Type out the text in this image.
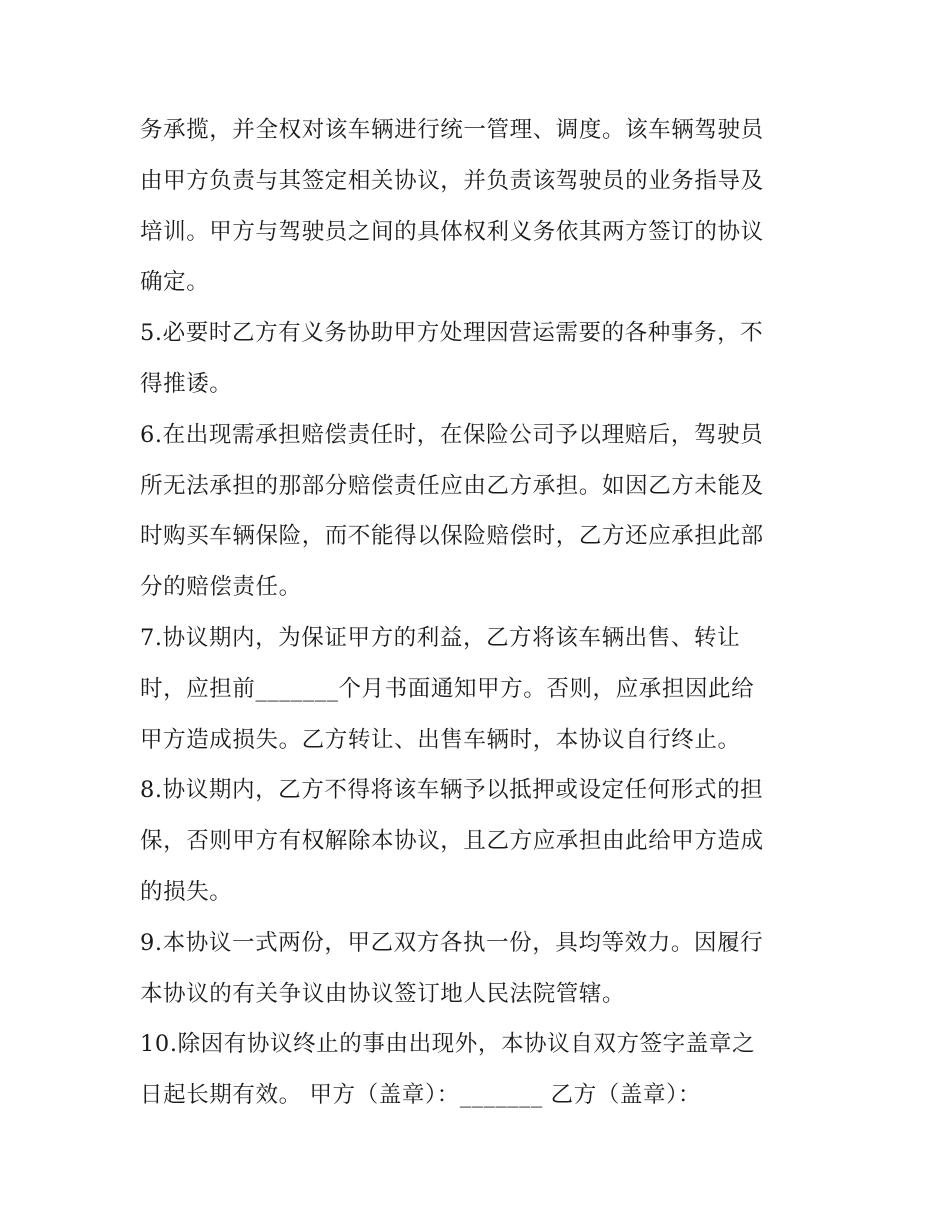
务承揽，并全权对该车辆进行统一管理、调度。该车辆驾驶员
由甲方负责与其签定相关协议，并负责该驾驶员的业务指导及
培训。甲方与驾驶员之间的具体权利义务依其两方签订的协议
确定。
5.必要时乙方有义务协助甲方处理因营运需要的各种事务，不
得推诿。
6.在出现需承担赔偿责任时，在保险公司予以理赔后，驾驶员
所无法承担的那部分赔偿责任应由乙方承担。如因乙方未能及
时购买车辆保险，而不能得以保险赔偿时，乙方还应承担此部
分的赔偿责任。
7.协议期内，为保证甲方的利益，乙方将该车辆出售、转让
时，应担前_______个月书面通知甲方。否则，应承担因此给
甲方造成损失。乙方转让、出售车辆时，本协议自行终止。
8.协议期内，乙方不得将该车辆予以抵押或设定任何形式的担
保，否则甲方有权解除本协议，且乙方应承担由此给甲方造成
的损失。
9.本协议一式两份，甲乙双方各执一份，具均等效力。因履行
本协议的有关争议由协议签订地人民法院管辖。
10.除因有协议终止的事由出现外，本协议自双方签字盖章之
日起长期有效。 甲方（盖章）：_______ 乙方（盖章）：
